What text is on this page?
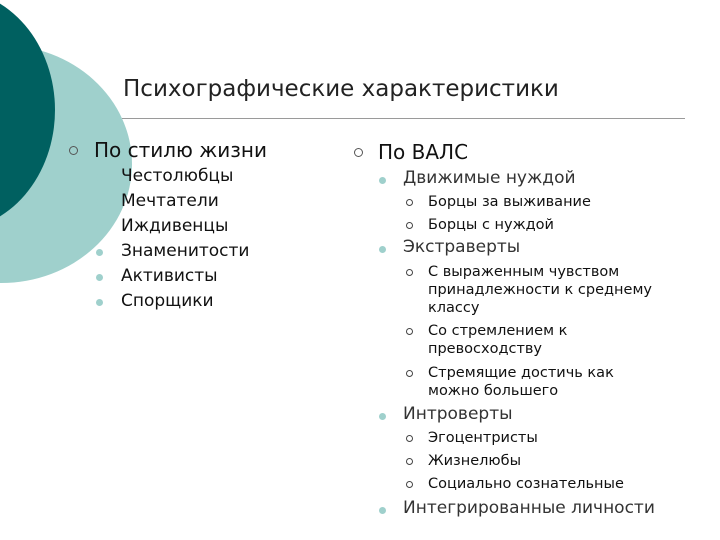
Психографические характеристики
По стилю жизни
Честолюбцы
Мечтатели
Иждивенцы
Знаменитости
Активисты
Спорщики
По ВАЛС
Движимые нуждой
Борцы за выживание
Борцы с нуждой
Экстраверты
С выраженным чувством принадлежности к среднему классу
Со стремлением к превосходству
Стремящие достичь как можно большего
Интроверты
Эгоцентристы
Жизнелюбы
Социально сознательные
Интегрированные личности
